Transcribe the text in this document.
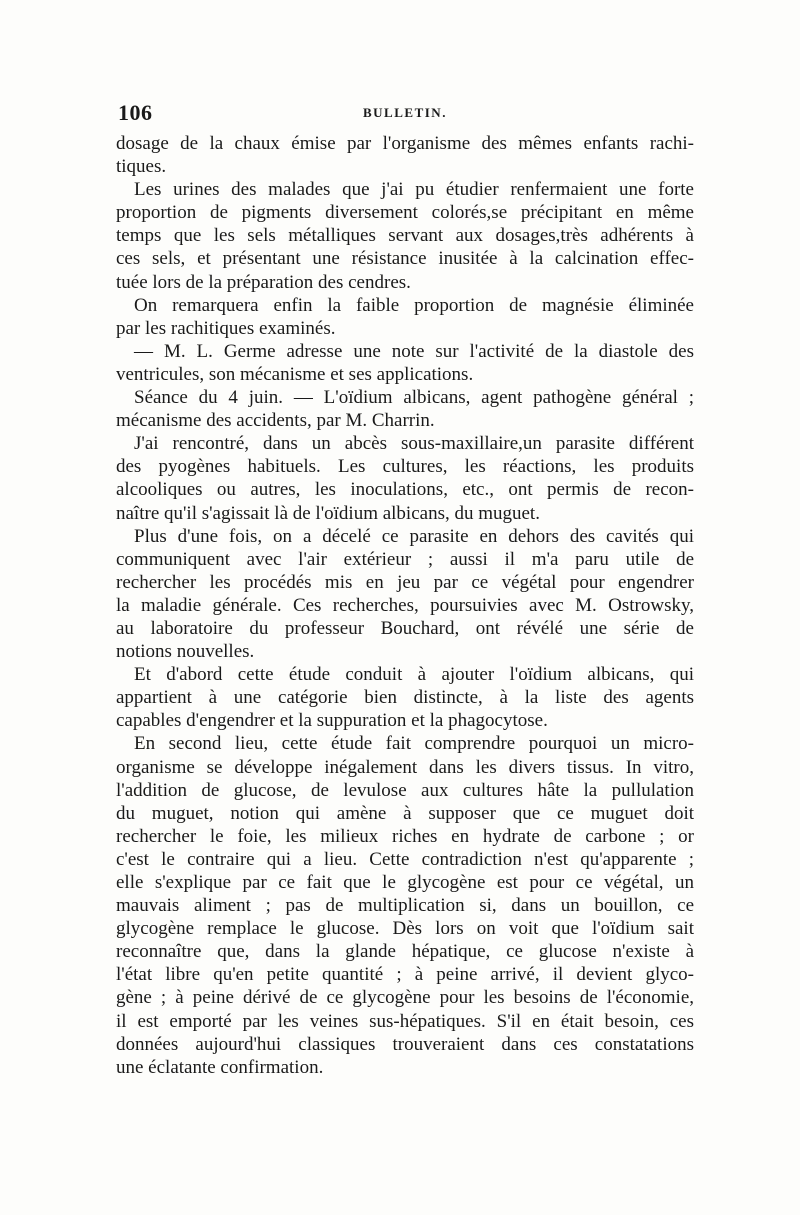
106	BULLETIN.
dosage de la chaux émise par l'organisme des mêmes enfants rachi-
tiques.
Les urines des malades que j'ai pu étudier renfermaient une forte
proportion de pigments diversement colorés,se précipitant en même
temps que les sels métalliques servant aux dosages,très adhérents à
ces sels, et présentant une résistance inusitée à la calcination effec-
tuée lors de la préparation des cendres.
On remarquera enfin la faible proportion de magnésie éliminée
par les rachitiques examinés.
— M. L. Germe adresse une note sur l'activité de la diastole des
ventricules, son mécanisme et ses applications.
Séance du 4 juin. — L'oïdium albicans, agent pathogène général ;
mécanisme des accidents, par M. Charrin.
J'ai rencontré, dans un abcès sous-maxillaire,un parasite différent
des pyogènes habituels. Les cultures, les réactions, les produits
alcooliques ou autres, les inoculations, etc., ont permis de recon-
naître qu'il s'agissait là de l'oïdium albicans, du muguet.
Plus d'une fois, on a décelé ce parasite en dehors des cavités qui
communiquent avec l'air extérieur ; aussi il m'a paru utile de
rechercher les procédés mis en jeu par ce végétal pour engendrer
la maladie générale. Ces recherches, poursuivies avec M. Ostrowsky,
au laboratoire du professeur Bouchard, ont révélé une série de
notions nouvelles.
Et d'abord cette étude conduit à ajouter l'oïdium albicans, qui
appartient à une catégorie bien distincte, à la liste des agents
capables d'engendrer et la suppuration et la phagocytose.
En second lieu, cette étude fait comprendre pourquoi un micro-
organisme se développe inégalement dans les divers tissus. In vitro,
l'addition de glucose, de levulose aux cultures hâte la pullulation
du muguet, notion qui amène à supposer que ce muguet doit
rechercher le foie, les milieux riches en hydrate de carbone ; or
c'est le contraire qui a lieu. Cette contradiction n'est qu'apparente ;
elle s'explique par ce fait que le glycogène est pour ce végétal, un
mauvais aliment ; pas de multiplication si, dans un bouillon, ce
glycogène remplace le glucose. Dès lors on voit que l'oïdium sait
reconnaître que, dans la glande hépatique, ce glucose n'existe à
l'état libre qu'en petite quantité ; à peine arrivé, il devient glyco-
gène ; à peine dérivé de ce glycogène pour les besoins de l'économie,
il est emporté par les veines sus-hépatiques. S'il en était besoin, ces
données aujourd'hui classiques trouveraient dans ces constatations
une éclatante confirmation.
